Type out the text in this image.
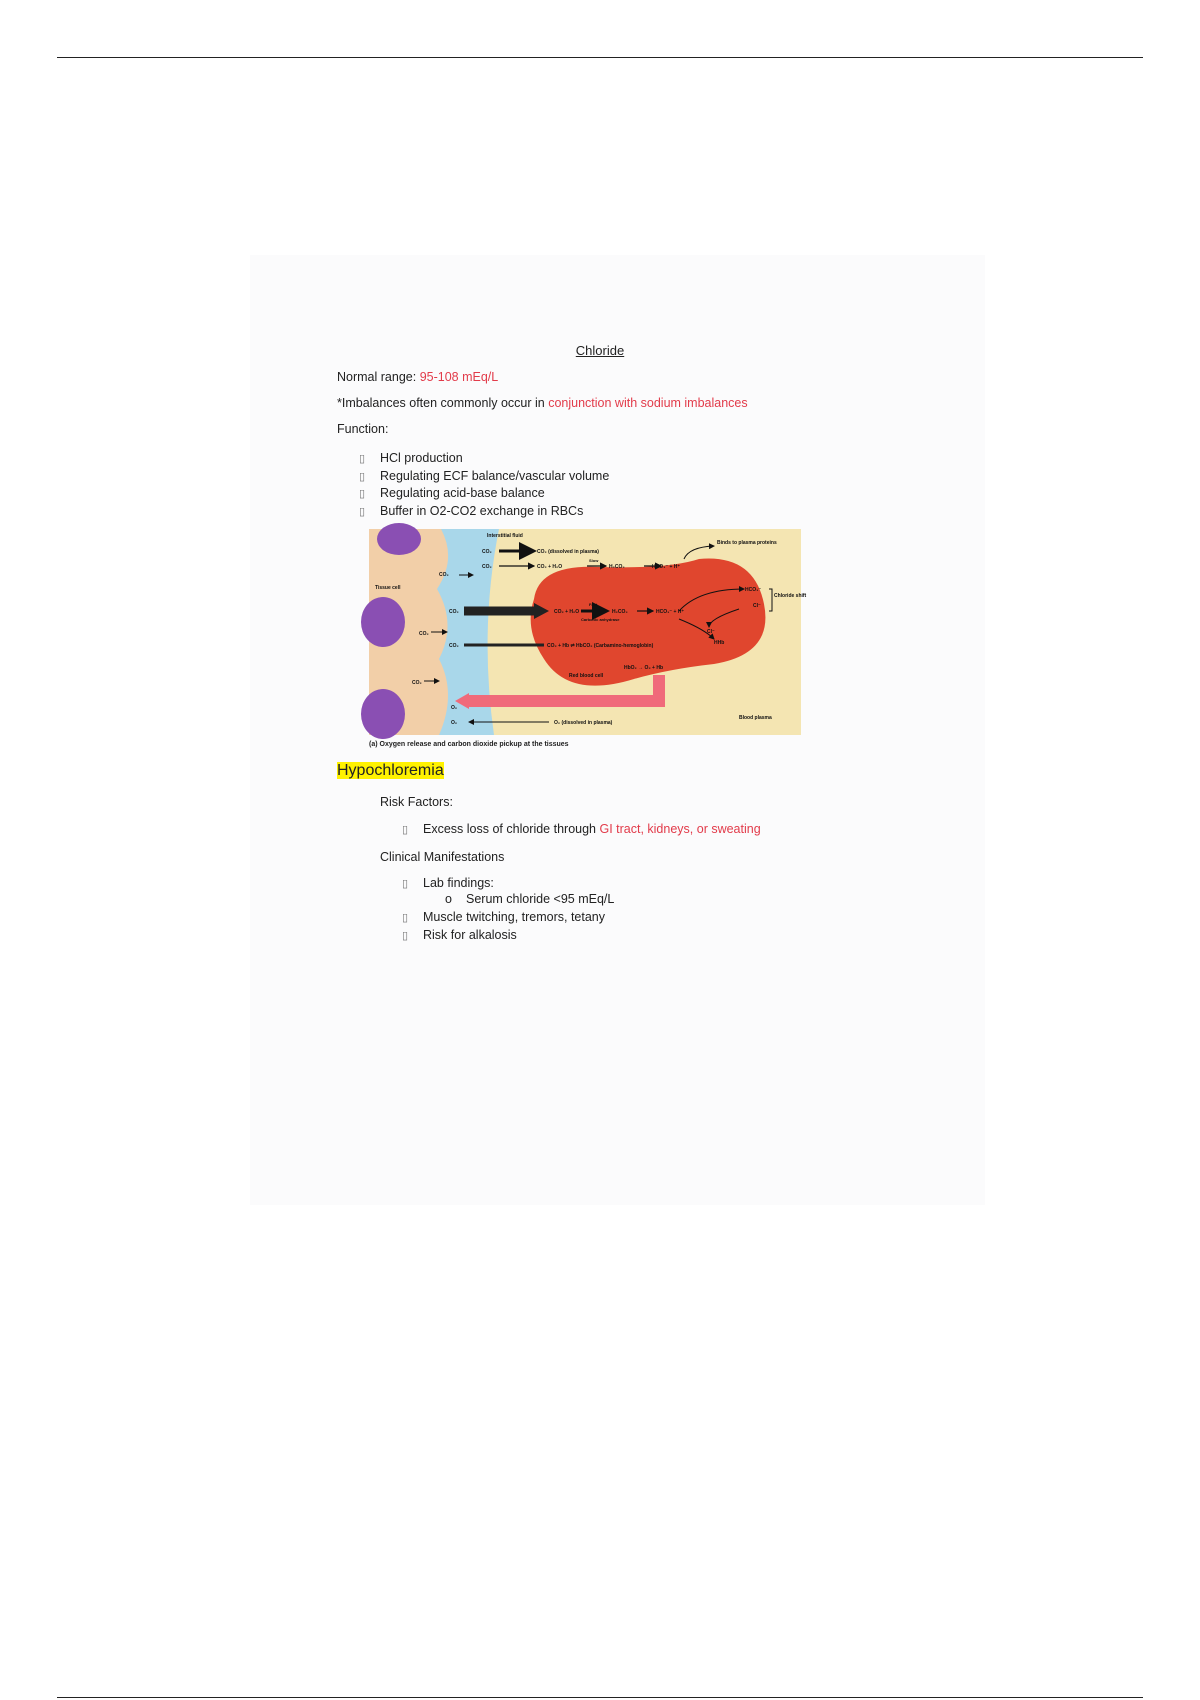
Chloride
Normal range: 95-108 mEq/L
*Imbalances often commonly occur in conjunction with sodium imbalances
Function:
▯ HCl production
▯ Regulating ECF balance/vascular volume
▯ Regulating acid-base balance
▯ Buffer in O2-CO2 exchange in RBCs
Interstitial fluid
Tissue cell
CO₂
CO₂
CO₂
CO₂
CO₂
CO₂
CO₂
O₂
O₂
CO₂ (dissolved in plasma)
CO₂ + H₂O
Slow
H₂CO₃	HCO₃⁻ + H⁺
Binds to plasma proteins
CO₂ + H₂O
Fast
Carbonic anhydrase
H₂CO₃	HCO₃⁻ + H⁺
HCO₃⁻
Cl⁻
Cl⁻
Chloride shift
HHb
CO₂ + Hb ⇌ HbCO₂ (Carbamino-hemoglobin)
HbO₂ → O₂ + Hb
Red blood cell
O₂ (dissolved in plasma)
Blood plasma
(a) Oxygen release and carbon dioxide pickup at the tissues
Hypochloremia
Risk Factors:
▯ Excess loss of chloride through GI tract, kidneys, or sweating
Clinical Manifestations
▯ Lab findings:
o Serum chloride <95 mEq/L
▯ Muscle twitching, tremors, tetany
▯ Risk for alkalosis
